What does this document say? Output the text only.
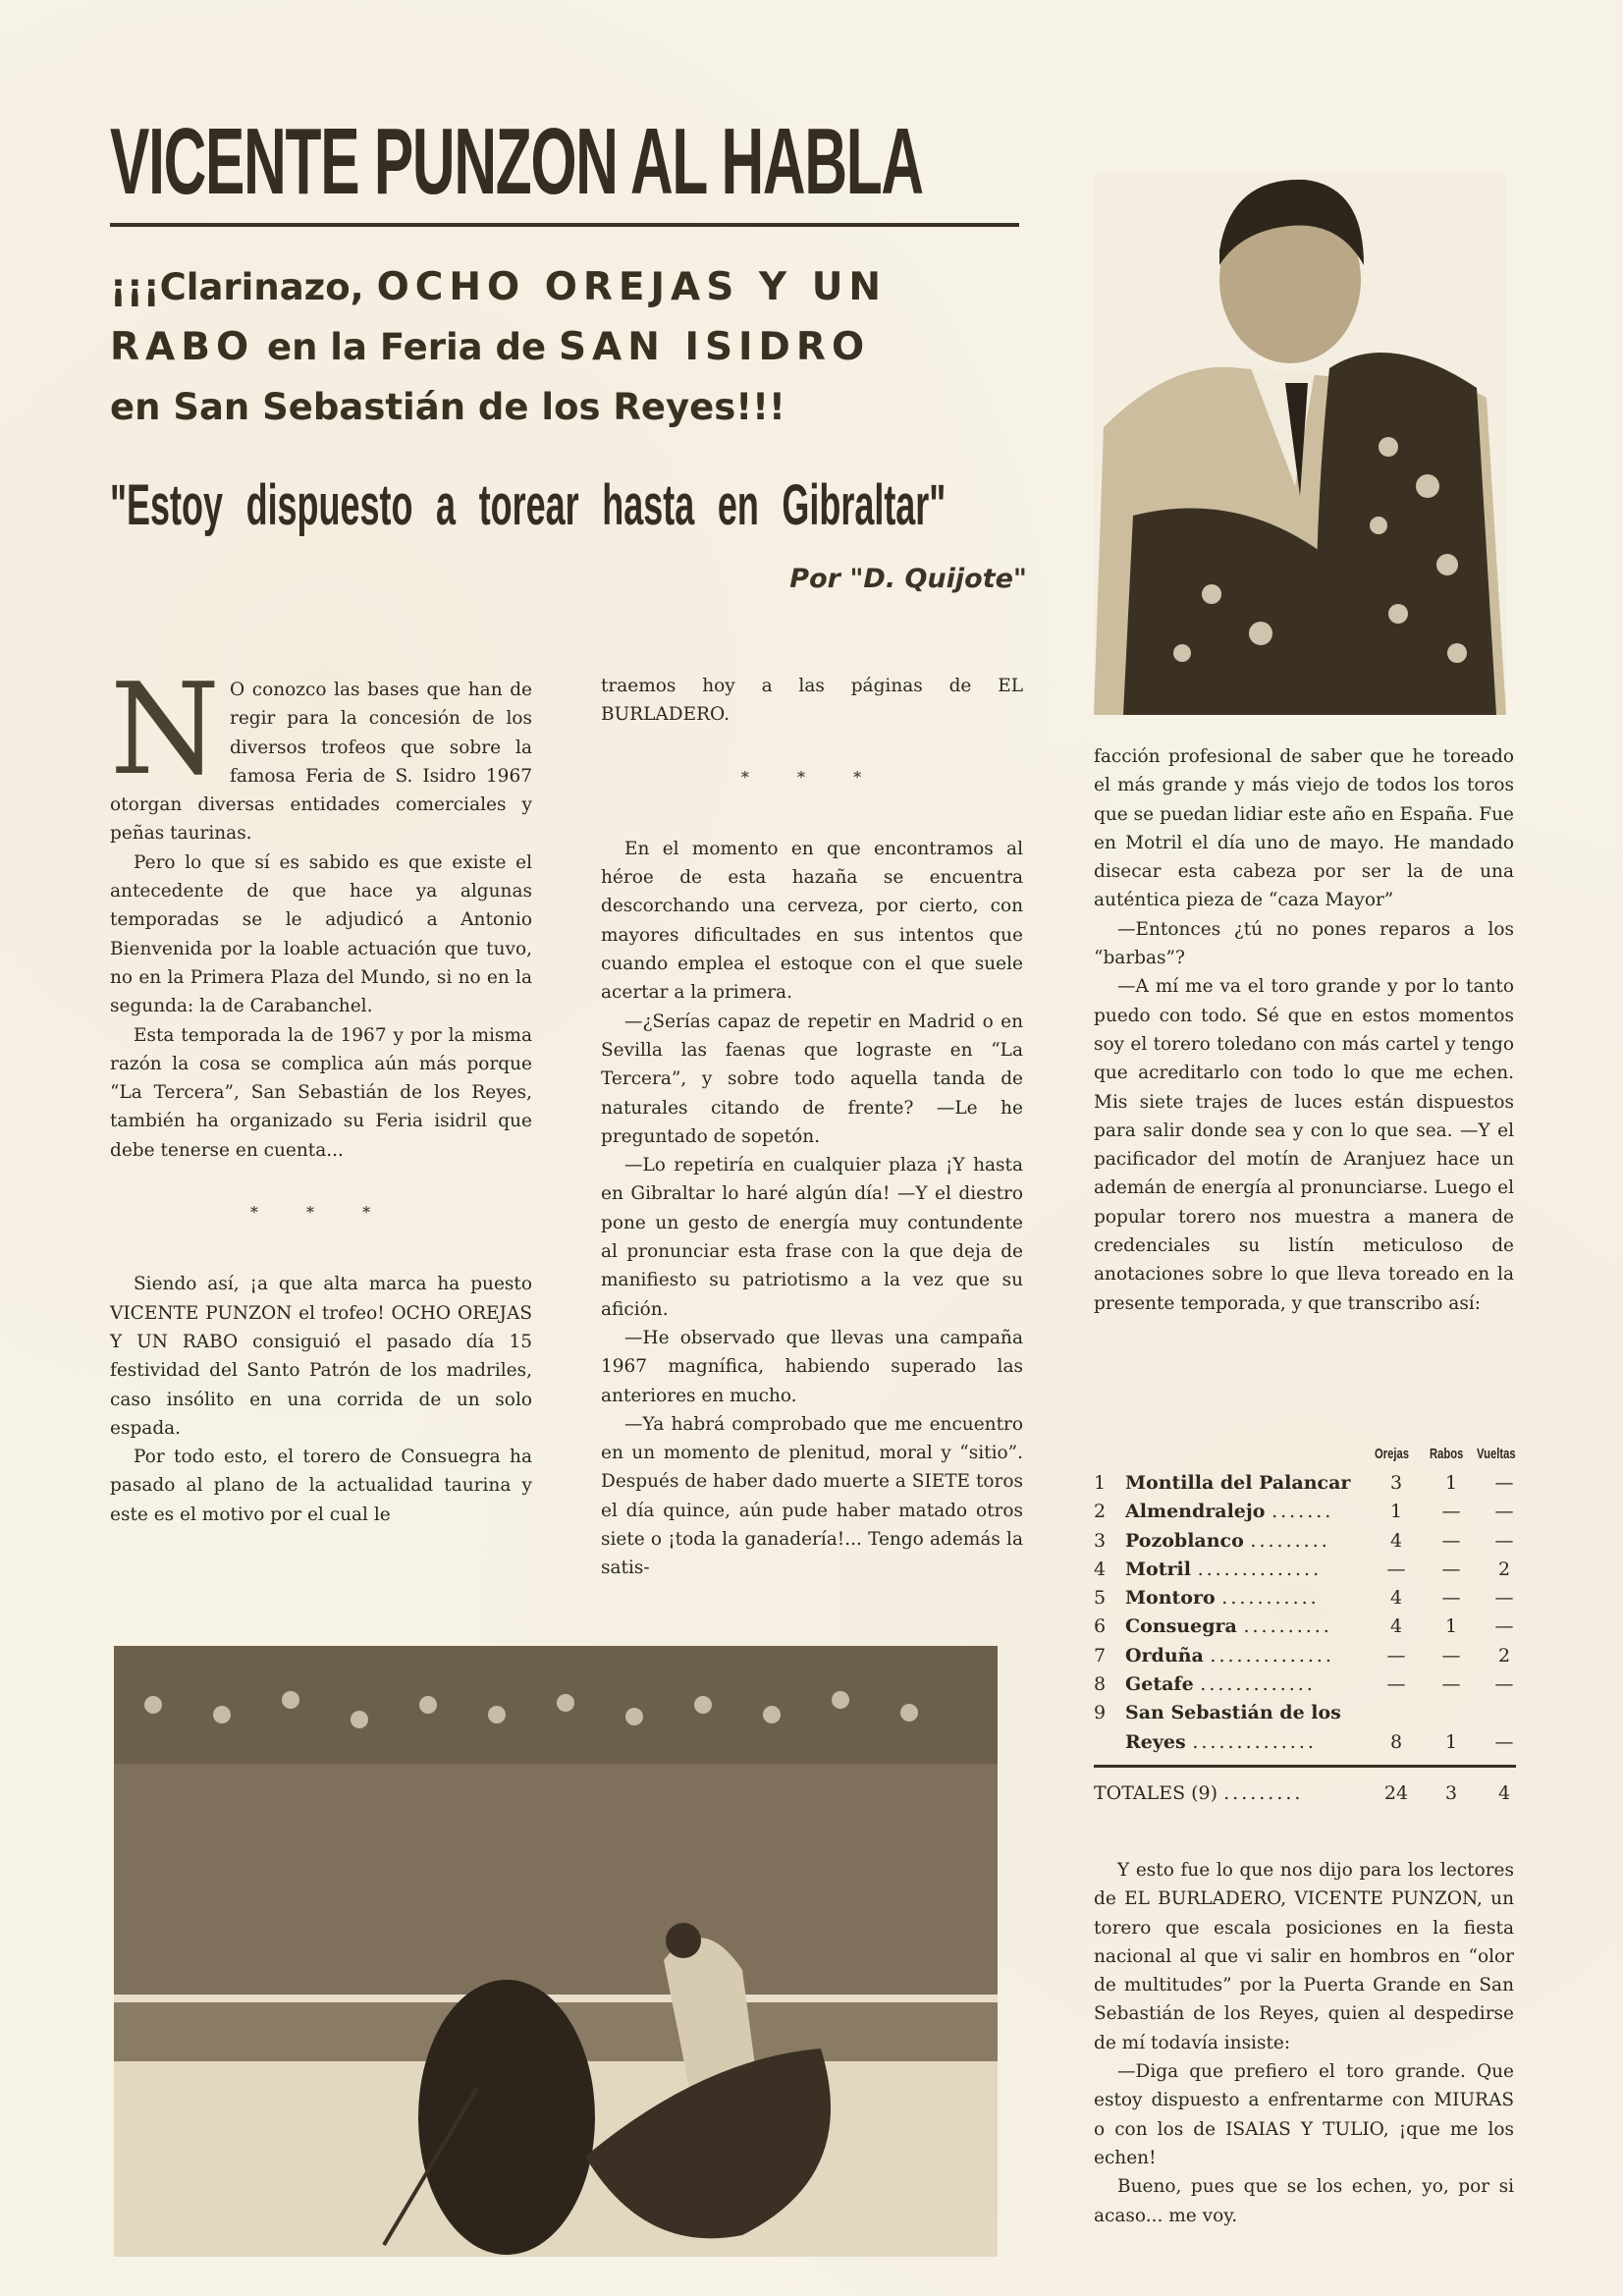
VICENTE PUNZON AL HABLA
¡¡¡Clarinazo, OCHO OREJAS Y UN RABO en la Feria de SAN ISIDRO
en San Sebastián de los Reyes!!!
"Estoy dispuesto a torear hasta en Gibraltar"
Por "D. Quijote"
N O conozco las bases que han de regir para la concesión de los diversos trofeos que sobre la famosa Feria de S. Isidro 1967 otorgan diversas entidades comerciales y peñas taurinas.

Pero lo que sí es sabido es que existe el antecedente de que hace ya algunas temporadas se le adjudicó a Antonio Bienvenida por la loable actuación que tuvo, no en la Primera Plaza del Mundo, si no en la segunda: la de Carabanchel.

Esta temporada la de 1967 y por la misma razón la cosa se complica aún más porque “La Tercera”, San Sebastián de los Reyes, también ha organizado su Feria isidril que debe tenerse en cuenta...

* * *

Siendo así, ¡a que alta marca ha puesto VICENTE PUNZON el trofeo! OCHO OREJAS Y UN RABO consiguió el pasado día 15 festividad del Santo Patrón de los madriles, caso insólito en una corrida de un solo espada.

Por todo esto, el torero de Consuegra ha pasado al plano de la actualidad taurina y este es el motivo por el cual le

traemos hoy a las páginas de EL BURLADERO.

* * *

En el momento en que encontramos al héroe de esta hazaña se encuentra descorchando una cerveza, por cierto, con mayores dificultades en sus intentos que cuando emplea el estoque con el que suele acertar a la primera.

—¿Serías capaz de repetir en Madrid o en Sevilla las faenas que lograste en “La Tercera”, y sobre todo aquella tanda de naturales citando de frente? —Le he preguntado de sopetón.

—Lo repetiría en cualquier plaza ¡Y hasta en Gibraltar lo haré algún día! —Y el diestro pone un gesto de energía muy contundente al pronunciar esta frase con la que deja de manifiesto su patriotismo a la vez que su afición.

—He observado que llevas una campaña 1967 magnífica, habiendo superado las anteriores en mucho.

—Ya habrá comprobado que me encuentro en un momento de plenitud, moral y “sitio”. Después de haber dado muerte a SIETE toros el día quince, aún pude haber matado otros siete o ¡toda la ganadería!... Tengo además la satis-

facción profesional de saber que he toreado el más grande y más viejo de todos los toros que se puedan lidiar este año en España. Fue en Motril el día uno de mayo. He mandado disecar esta cabeza por ser la de una auténtica pieza de “caza Mayor”

—Entonces ¿tú no pones reparos a los “barbas”?

—A mí me va el toro grande y por lo tanto puedo con todo. Sé que en estos momentos soy el torero toledano con más cartel y tengo que acreditarlo con todo lo que me echen. Mis siete trajes de luces están dispuestos para salir donde sea y con lo que sea. —Y el pacificador del motín de Aranjuez hace un ademán de energía al pronunciarse. Luego el popular torero nos muestra a manera de credenciales su listín meticuloso de anotaciones sobre lo que lleva toreado en la presente temporada, y que transcribo así:

Orejas Rabos Vueltas
1	Montilla del Palancar	3	1	—
2	Almendralejo .......	1	—	—
3	Pozoblanco .........	4	—	—
4	Motril ..............	—	—	2
5	Montoro ...........	4	—	—
6	Consuegra ..........	4	1	—
7	Orduña ..............	—	—	2
8	Getafe .............	—	—	—
9	San Sebastián de los
Reyes ..............	8	1	—
TOTALES (9) .........	24	3	4

Y esto fue lo que nos dijo para los lectores de EL BURLADERO, VICENTE PUNZON, un torero que escala posiciones en la fiesta nacional al que vi salir en hombros en “olor de multitudes” por la Puerta Grande en San Sebastián de los Reyes, quien al despedirse de mí todavía insiste:

—Diga que prefiero el toro grande. Que estoy dispuesto a enfrentarme con MIURAS o con los de ISAIAS Y TULIO, ¡que me los echen!

Bueno, pues que se los echen, yo, por si acaso... me voy.
